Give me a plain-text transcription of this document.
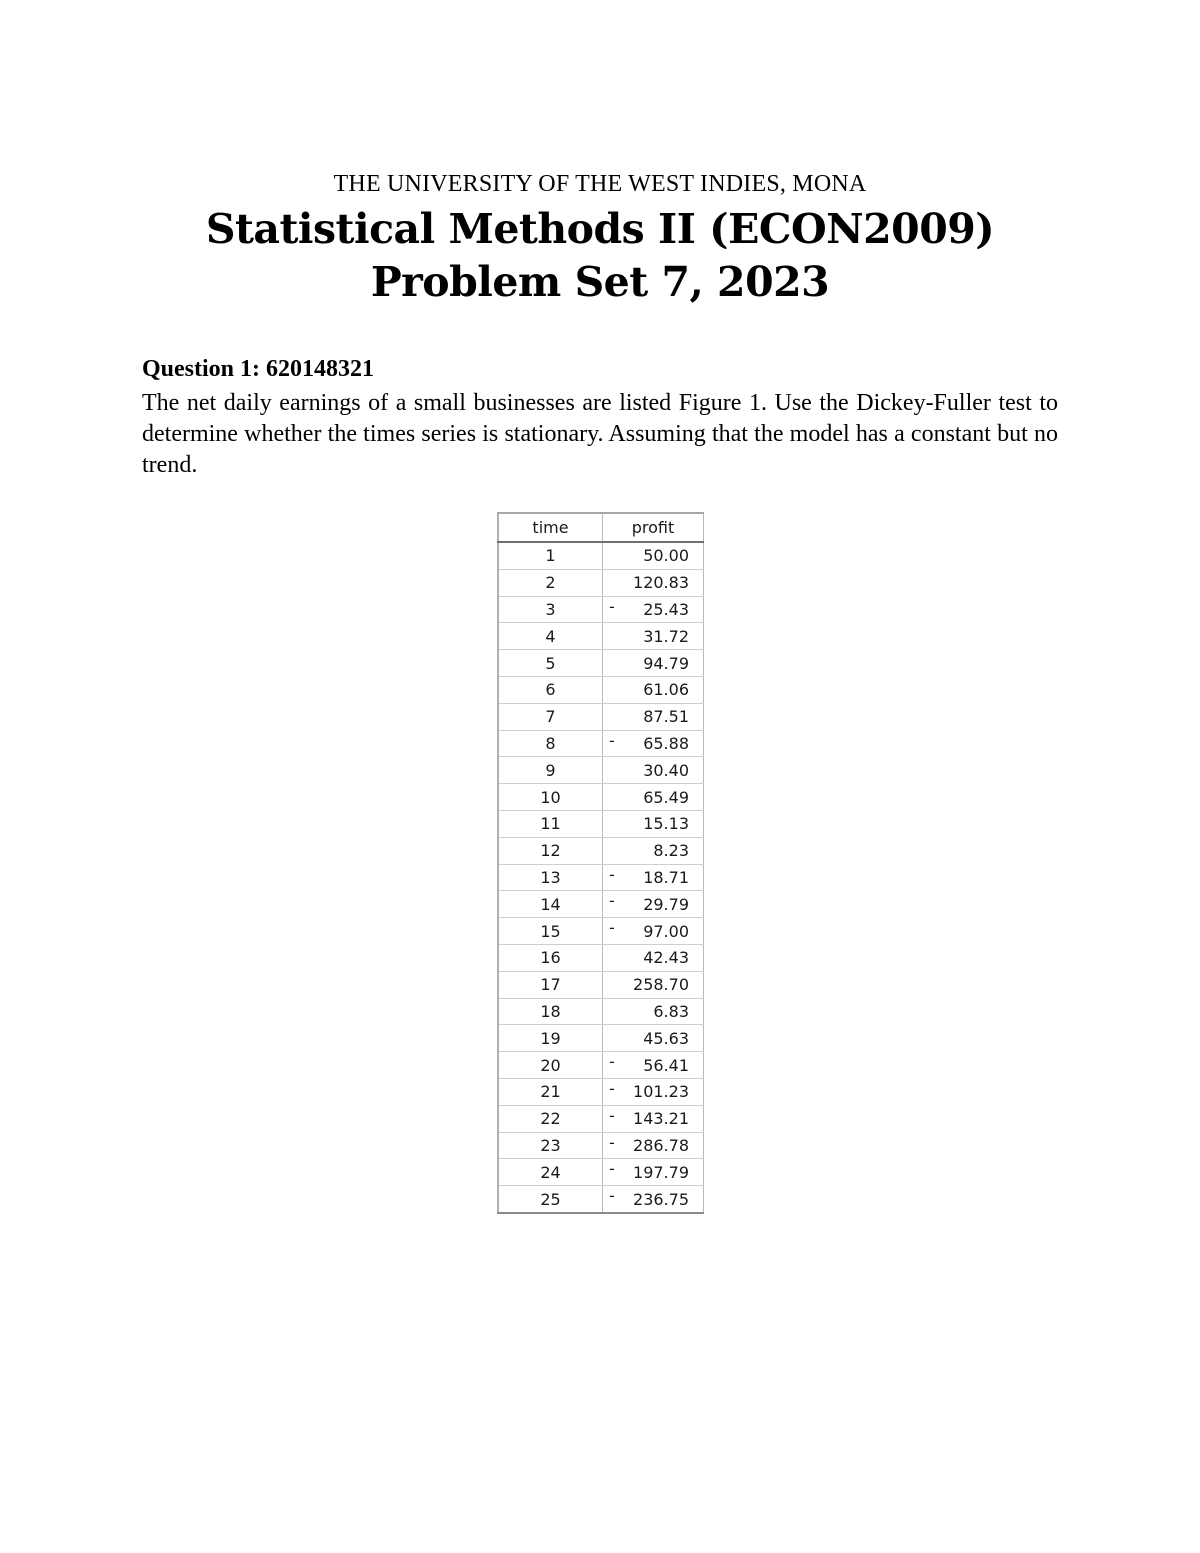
THE UNIVERSITY OF THE WEST INDIES, MONA
Statistical Methods II (ECON2009)
Problem Set 7, 2023
Question 1: 620148321
The net daily earnings of a small businesses are listed Figure 1. Use the Dickey-Fuller test to determine whether the times series is stationary. Assuming that the model has a constant but no trend.
time	profit
1	50.00
2	120.83
3	- 25.43
4	31.72
5	94.79
6	61.06
7	87.51
8	- 65.88
9	30.40
10	65.49
11	15.13
12	8.23
13	- 18.71
14	- 29.79
15	- 97.00
16	42.43
17	258.70
18	6.83
19	45.63
20	- 56.41
21	- 101.23
22	- 143.21
23	- 286.78
24	- 197.79
25	- 236.75
